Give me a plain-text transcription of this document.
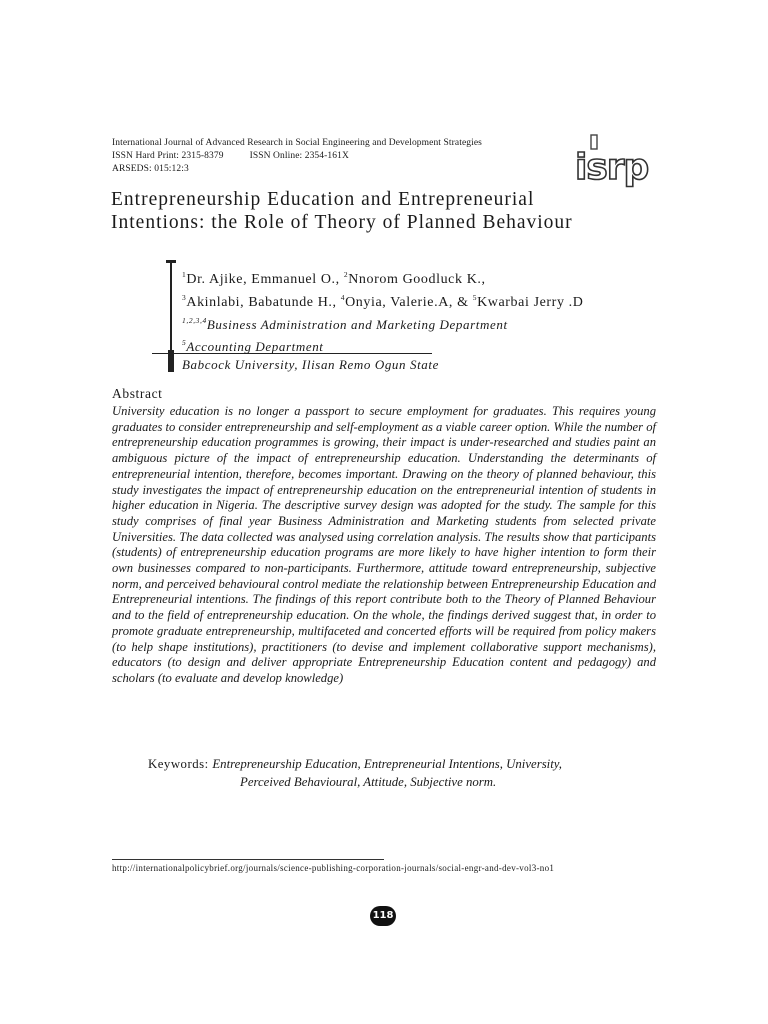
International Journal of Advanced Research in Social Engineering and Development Strategies
ISSN Hard Print: 2315-8379	ISSN Online: 2354-161X
ARSEDS: 015:12:3	isrp
Entrepreneurship Education and Entrepreneurial
Intentions: the Role of Theory of Planned Behaviour
$^1$Dr. Ajike, Emmanuel O., $^2$Nnorom Goodluck K.,
$^3$Akinlabi, Babatunde H., $^4$Onyia, Valerie.A, & $^5$Kwarbai Jerry .D
$^{1,2,3,4}$Business Administration and Marketing Department
$^5$Accounting Department
Babcock University, Ilisan Remo Ogun State
Abstract

University education is no longer a passport to secure employment for graduates. This requires young graduates to consider entrepreneurship and self-employment as a viable career option. While the number of entrepreneurship education programmes is growing, their impact is under-researched and studies paint an ambiguous picture of the impact of entrepreneurship education. Understanding the determinants of entrepreneurial intention, therefore, becomes important. Drawing on the theory of planned behaviour, this study investigates the impact of entrepreneurship education on the entrepreneurial intention of students in higher education in Nigeria. The descriptive survey design was adopted for the study. The sample for this study comprises of final year Business Administration and Marketing students from selected private Universities. The data collected was analysed using correlation analysis. The results show that participants (students) of entrepreneurship education programs are more likely to have higher intention to form their own businesses compared to non-participants. Furthermore, attitude toward entrepreneurship, subjective norm, and perceived behavioural control mediate the relationship between Entrepreneurship Education and Entrepreneurial intentions. The findings of this report contribute both to the Theory of Planned Behaviour and to the field of entrepreneurship education. On the whole, the findings derived suggest that, in order to promote graduate entrepreneurship, multifaceted and concerted efforts will be required from policy makers (to help shape institutions), practitioners (to devise and implement collaborative support mechanisms), educators (to design and deliver appropriate Entrepreneurship Education content and pedagogy) and scholars (to evaluate and develop knowledge)

Keywords: Entrepreneurship Education, Entrepreneurial Intentions, University,
Perceived Behavioural, Attitude, Subjective norm.
http://internationalpolicybrief.org/journals/science-publishing-corporation-journals/social-engr-and-dev-vol3-no1
118
